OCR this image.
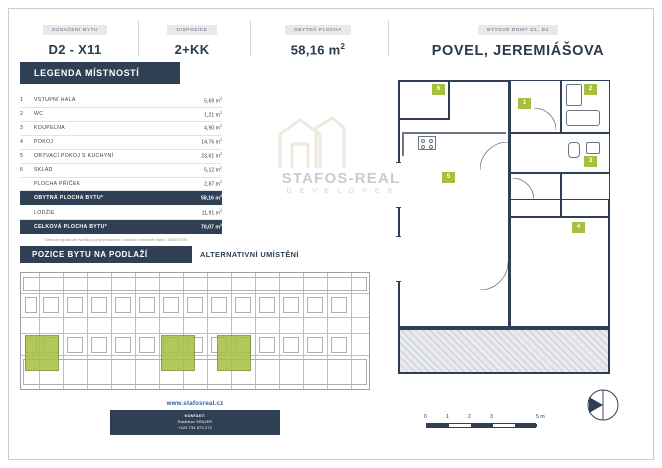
OZNAČENÍ BYTU
D2 - X11
DISPOZICE
2+KK
OBYTNÁ PLOCHA
58,16 $m^2$
BYTOVÉ DOMY D1, D2
POVEL, JEREMIÁŠOVA
LEGENDA MÍSTNOSTÍ
1	VSTUPNÍ HALA	5,69 $m^2$
2	WC	1,21 $m^2$
3	KOUPELNA	4,90 $m^2$
4	POKOJ	14,76 $m^2$
5	OBÝVACÍ POKOJ S KUCHYNÍ	23,61 $m^2$
6	SKLAD	5,12 $m^2$
	PLOCHA PŘÍČEK	2,87 $m^2$
	OBYTNÁ PLOCHA BYTU*	58,16 $m^2$
	LODŽIE	11,91 $m^2$
	CELKOVÁ PLOCHA BYTU*	70,07 $m^2$
*Zahrnuje výpočtu dle vyhlášky plochy je stanoven v souladu s nařízením vlády č. 366/2013 Sb.
POZICE BYTU NA PODLAŽÍ	ALTERNATIVNÍ UMÍSTĚNÍ
STAFOS-REAL
D E V E L O P E R
6
1
2
3
4
5
0	1	2	3	5 m
www.stafosreal.cz
KONTAKT:
Rastislav SRAJER
+420 734 873 272
